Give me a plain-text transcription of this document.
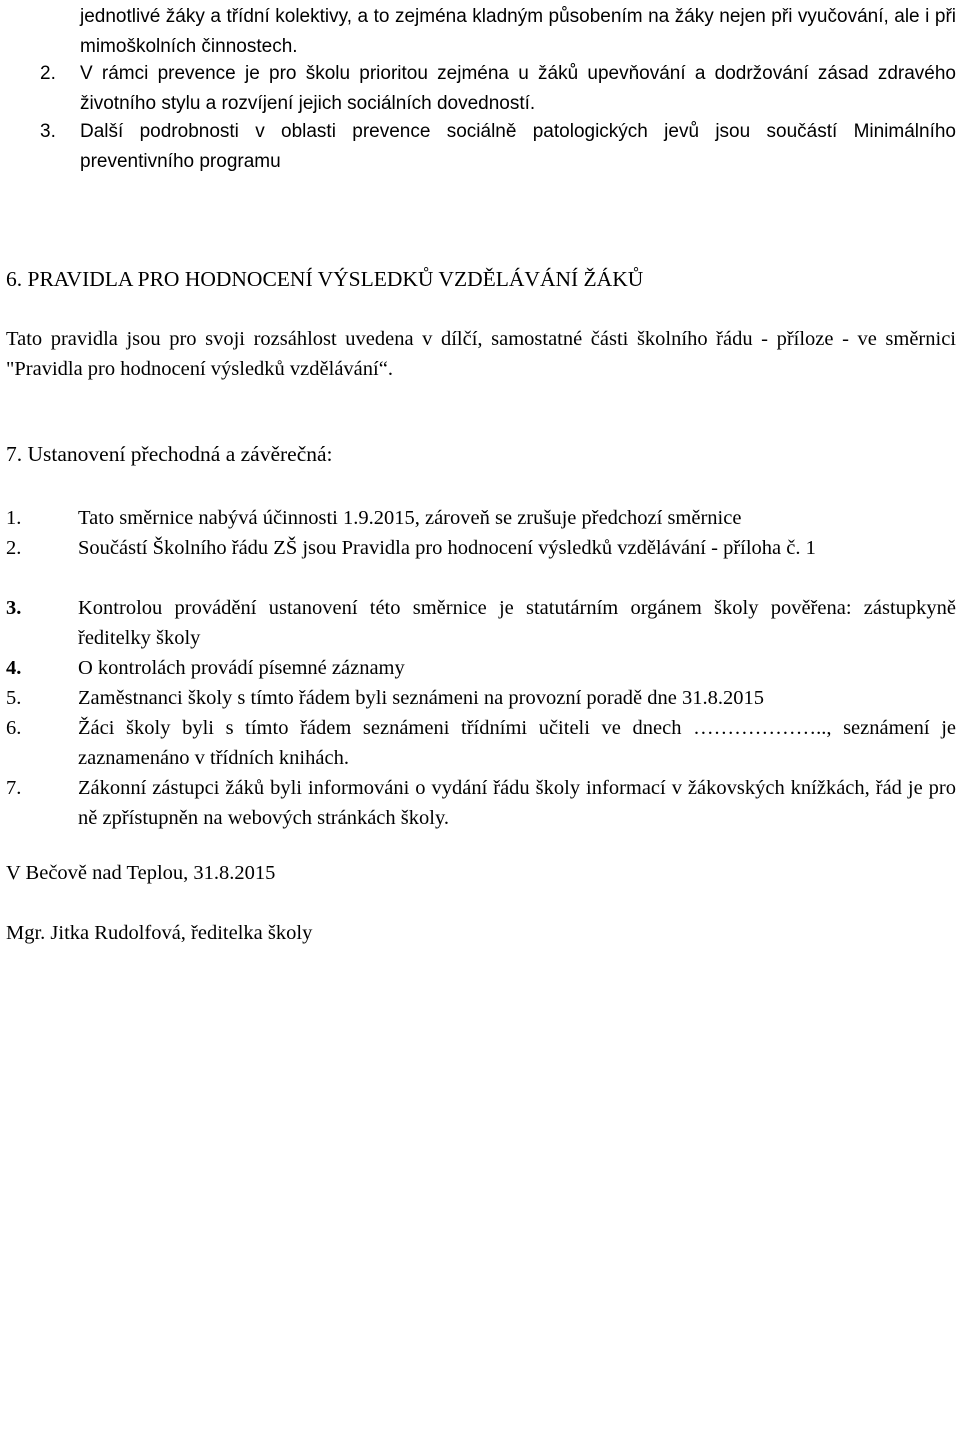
jednotlivé žáky a třídní kolektivy, a to zejména kladným působením na žáky nejen při vyučování, ale i při mimoškolních činnostech.
2.	V rámci prevence je pro školu prioritou zejména u žáků upevňování a dodržování zásad zdravého životního stylu a rozvíjení jejich sociálních dovedností.
3.	Další podrobnosti v oblasti prevence sociálně patologických jevů jsou součástí Minimálního preventivního programu
6. PRAVIDLA PRO HODNOCENÍ VÝSLEDKŮ VZDĚLÁVÁNÍ ŽÁKŮ
Tato pravidla jsou pro svoji rozsáhlost uvedena v dílčí, samostatné části školního řádu - příloze - ve směrnici "Pravidla pro hodnocení výsledků vzdělávání“.
7. Ustanovení přechodná a závěrečná:
1.	Tato směrnice nabývá účinnosti 1.9.2015, zároveň se zrušuje předchozí směrnice
2.	Součástí Školního řádu ZŠ jsou Pravidla pro hodnocení výsledků vzdělávání - příloha č. 1
3.	Kontrolou provádění ustanovení této směrnice je statutárním orgánem školy pověřena: zástupkyně ředitelky školy
4.	O kontrolách provádí písemné záznamy
5.	Zaměstnanci školy s tímto řádem byli seznámeni na provozní poradě dne 31.8.2015
6.	Žáci školy byli s tímto řádem seznámeni třídními učiteli ve dnech ……………….., seznámení je zaznamenáno v třídních knihách.
7.	Zákonní zástupci žáků byli informováni o vydání řádu školy informací v žákovských knížkách, řád je pro ně zpřístupněn na webových stránkách školy.
V Bečově nad Teplou, 31.8.2015
Mgr. Jitka Rudolfová, ředitelka školy
